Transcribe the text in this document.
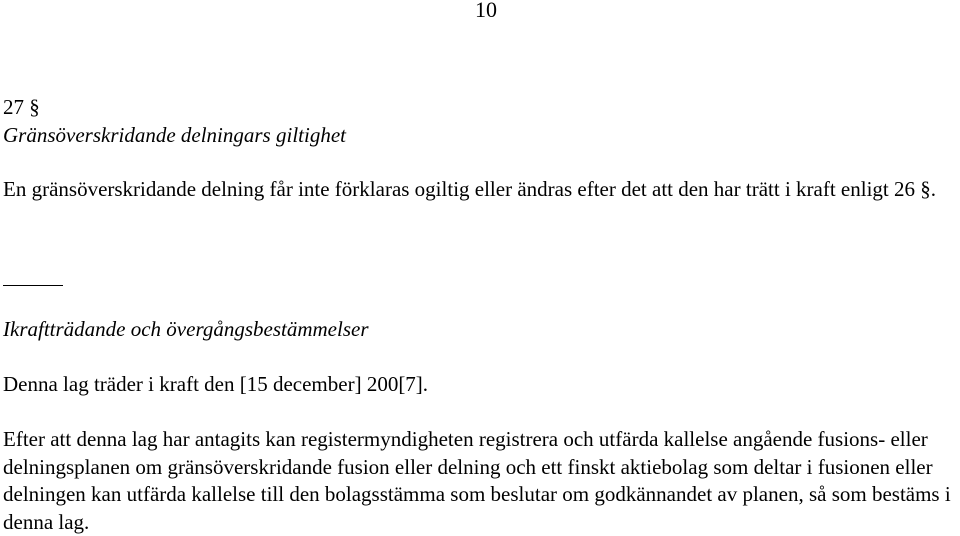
10
27 §
Gränsöverskridande delningars giltighet
En gränsöverskridande delning får inte förklaras ogiltig eller ändras efter det att den har trätt i kraft enligt 26 §.
Ikraftträdande och övergångsbestämmelser
Denna lag träder i kraft den [15 december] 200[7].
Efter att denna lag har antagits kan registermyndigheten registrera och utfärda kallelse angående fusions- eller delningsplanen om gränsöverskridande fusion eller delning och ett finskt aktiebolag som deltar i fusionen eller delningen kan utfärda kallelse till den bolagsstämma som beslutar om godkännandet av planen, så som bestäms i denna lag.
